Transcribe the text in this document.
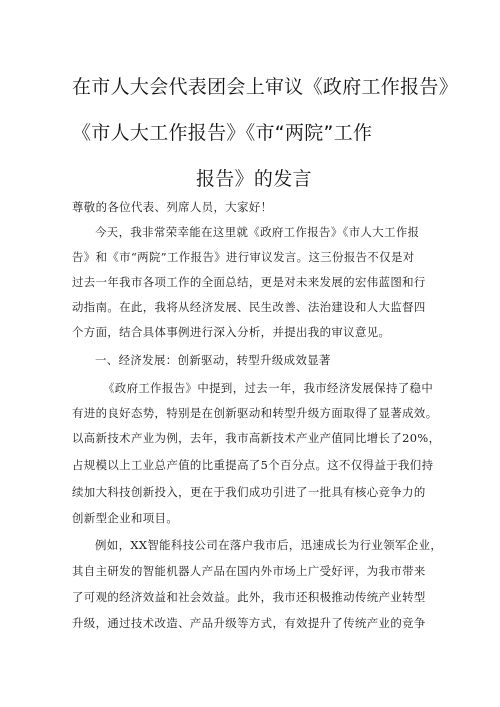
在市人大会代表团会上审议《政府工作报告》
《市人大工作报告》《市“两院”工作
报告》的发言
尊敬的各位代表、列席人员，大家好！
今天，我非常荣幸能在这里就《政府工作报告》《市人大工作报
告》和《市“两院”工作报告》进行审议发言。这三份报告不仅是对
过去一年我市各项工作的全面总结，更是对未来发展的宏伟蓝图和行
动指南。在此，我将从经济发展、民生改善、法治建设和人大监督四
个方面，结合具体事例进行深入分析，并提出我的审议意见。
一、经济发展：创新驱动，转型升级成效显著
《政府工作报告》中提到，过去一年，我市经济发展保持了稳中
有进的良好态势，特别是在创新驱动和转型升级方面取得了显著成效。
以高新技术产业为例，去年，我市高新技术产业产值同比增长了20%，
占规模以上工业总产值的比重提高了5个百分点。这不仅得益于我们持
续加大科技创新投入，更在于我们成功引进了一批具有核心竞争力的
创新型企业和项目。
例如，XX智能科技公司在落户我市后，迅速成长为行业领军企业，
其自主研发的智能机器人产品在国内外市场上广受好评，为我市带来
了可观的经济效益和社会效益。此外，我市还积极推动传统产业转型
升级，通过技术改造、产品升级等方式，有效提升了传统产业的竞争
